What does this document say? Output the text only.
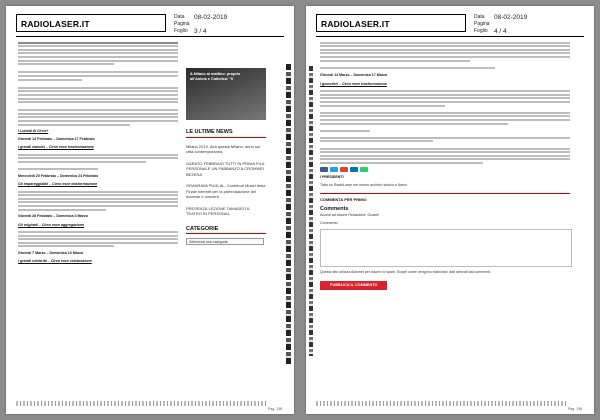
RADIOLASER.IT
Data	08-02-2019
Pagina
Foglio 3 / 4
I Lunedì di Circo+
Giovedì 14 Febbraio – Domenica 17 Febbraio
I grandi classici – Cirse esce trasformazione
Mercoledì 20 Febbraio – Domenica 24 Febbraio
Gli impareggiabili – Circo esce trasformazione
Giovedì 28 Febbraio – Domenica 3 Marzo
Gli originali – Circo esce aggregazione
Giovedì 7 Marzo – Domenica 10 Marzo
I grandi celebrità – Circo esce celebrazione
A Milano al mattino: proprio all'Anima e Cattolica: "Il
LE ULTIME NEWS
Milano 2019, dirà questa Milano: anno sul citta contemporanea
GARATO FEBBRAIO TUTTI IN PRIMA FILA PERSONALE UN FABBANZO A CROMWEI BEZERA
GRANRAVA PUGLIA - Contributi Musei festa Finale internet per la partecipazione del docente e concerti
PRESENZA LEZIONE TAMADEO IL TEATRO IN PERSONAL
CATEGORIE
Seleziona una categoria
Pag. 138
RADIOLASER.IT
Data	08-02-2019
Pagina
Foglio 4 / 4
Giovedì 14 Marzo – Domenica 17 Marzo
I giocolieri – Circo esce trasformazione
I PRESIDENTI
Tutto su RadioLaser nel nostro archivio storico e libero.
COMMENTA PER PRIMO
Comments
Accedi ad alcune Redazione. Grazie!
Commento
Questo sito utilizza Akismet per ridurre lo spam. Scopri come vengono elaborati i dati derivati dai commenti.
PUBBLICA IL COMMENTO
Pag. 138
